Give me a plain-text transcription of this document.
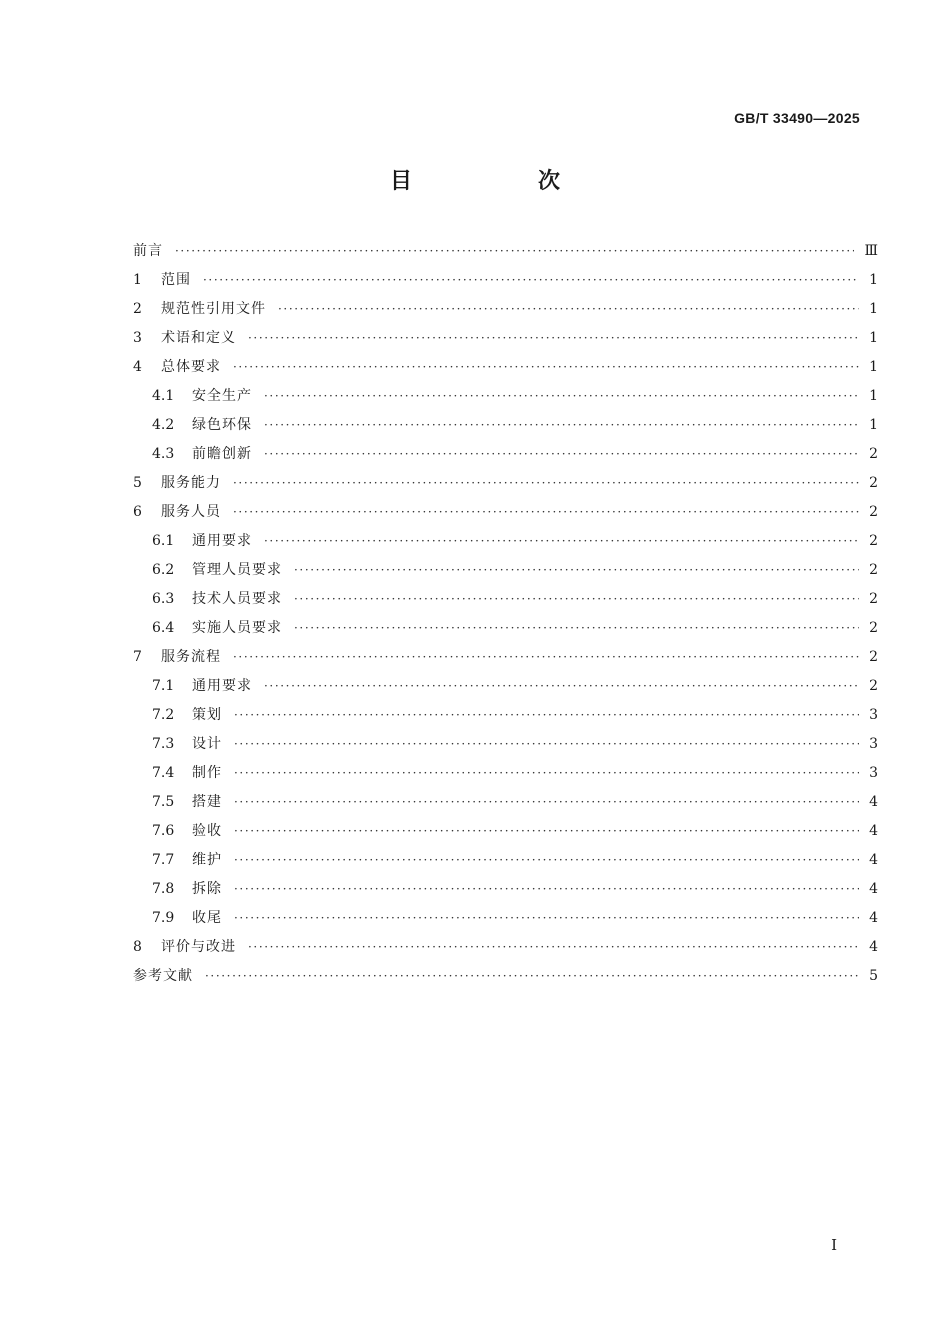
GB/T 33490—2025
目　次
前言 ·····	Ⅲ
1	范围 ·····	1
2	规范性引用文件 ·····	1
3	术语和定义 ·····	1
4	总体要求 ·····	1
4.1	安全生产 ·····	1
4.2	绿色环保 ·····	1
4.3	前瞻创新 ·····	2
5	服务能力 ·····	2
6	服务人员 ·····	2
6.1	通用要求 ·····	2
6.2	管理人员要求 ·····	2
6.3	技术人员要求 ·····	2
6.4	实施人员要求 ·····	2
7	服务流程 ·····	2
7.1	通用要求 ·····	2
7.2	策划 ·····	3
7.3	设计 ·····	3
7.4	制作 ·····	3
7.5	搭建 ·····	4
7.6	验收 ·····	4
7.7	维护 ·····	4
7.8	拆除 ·····	4
7.9	收尾 ·····	4
8	评价与改进 ·····	4
参考文献 ·····	5
Ⅰ
